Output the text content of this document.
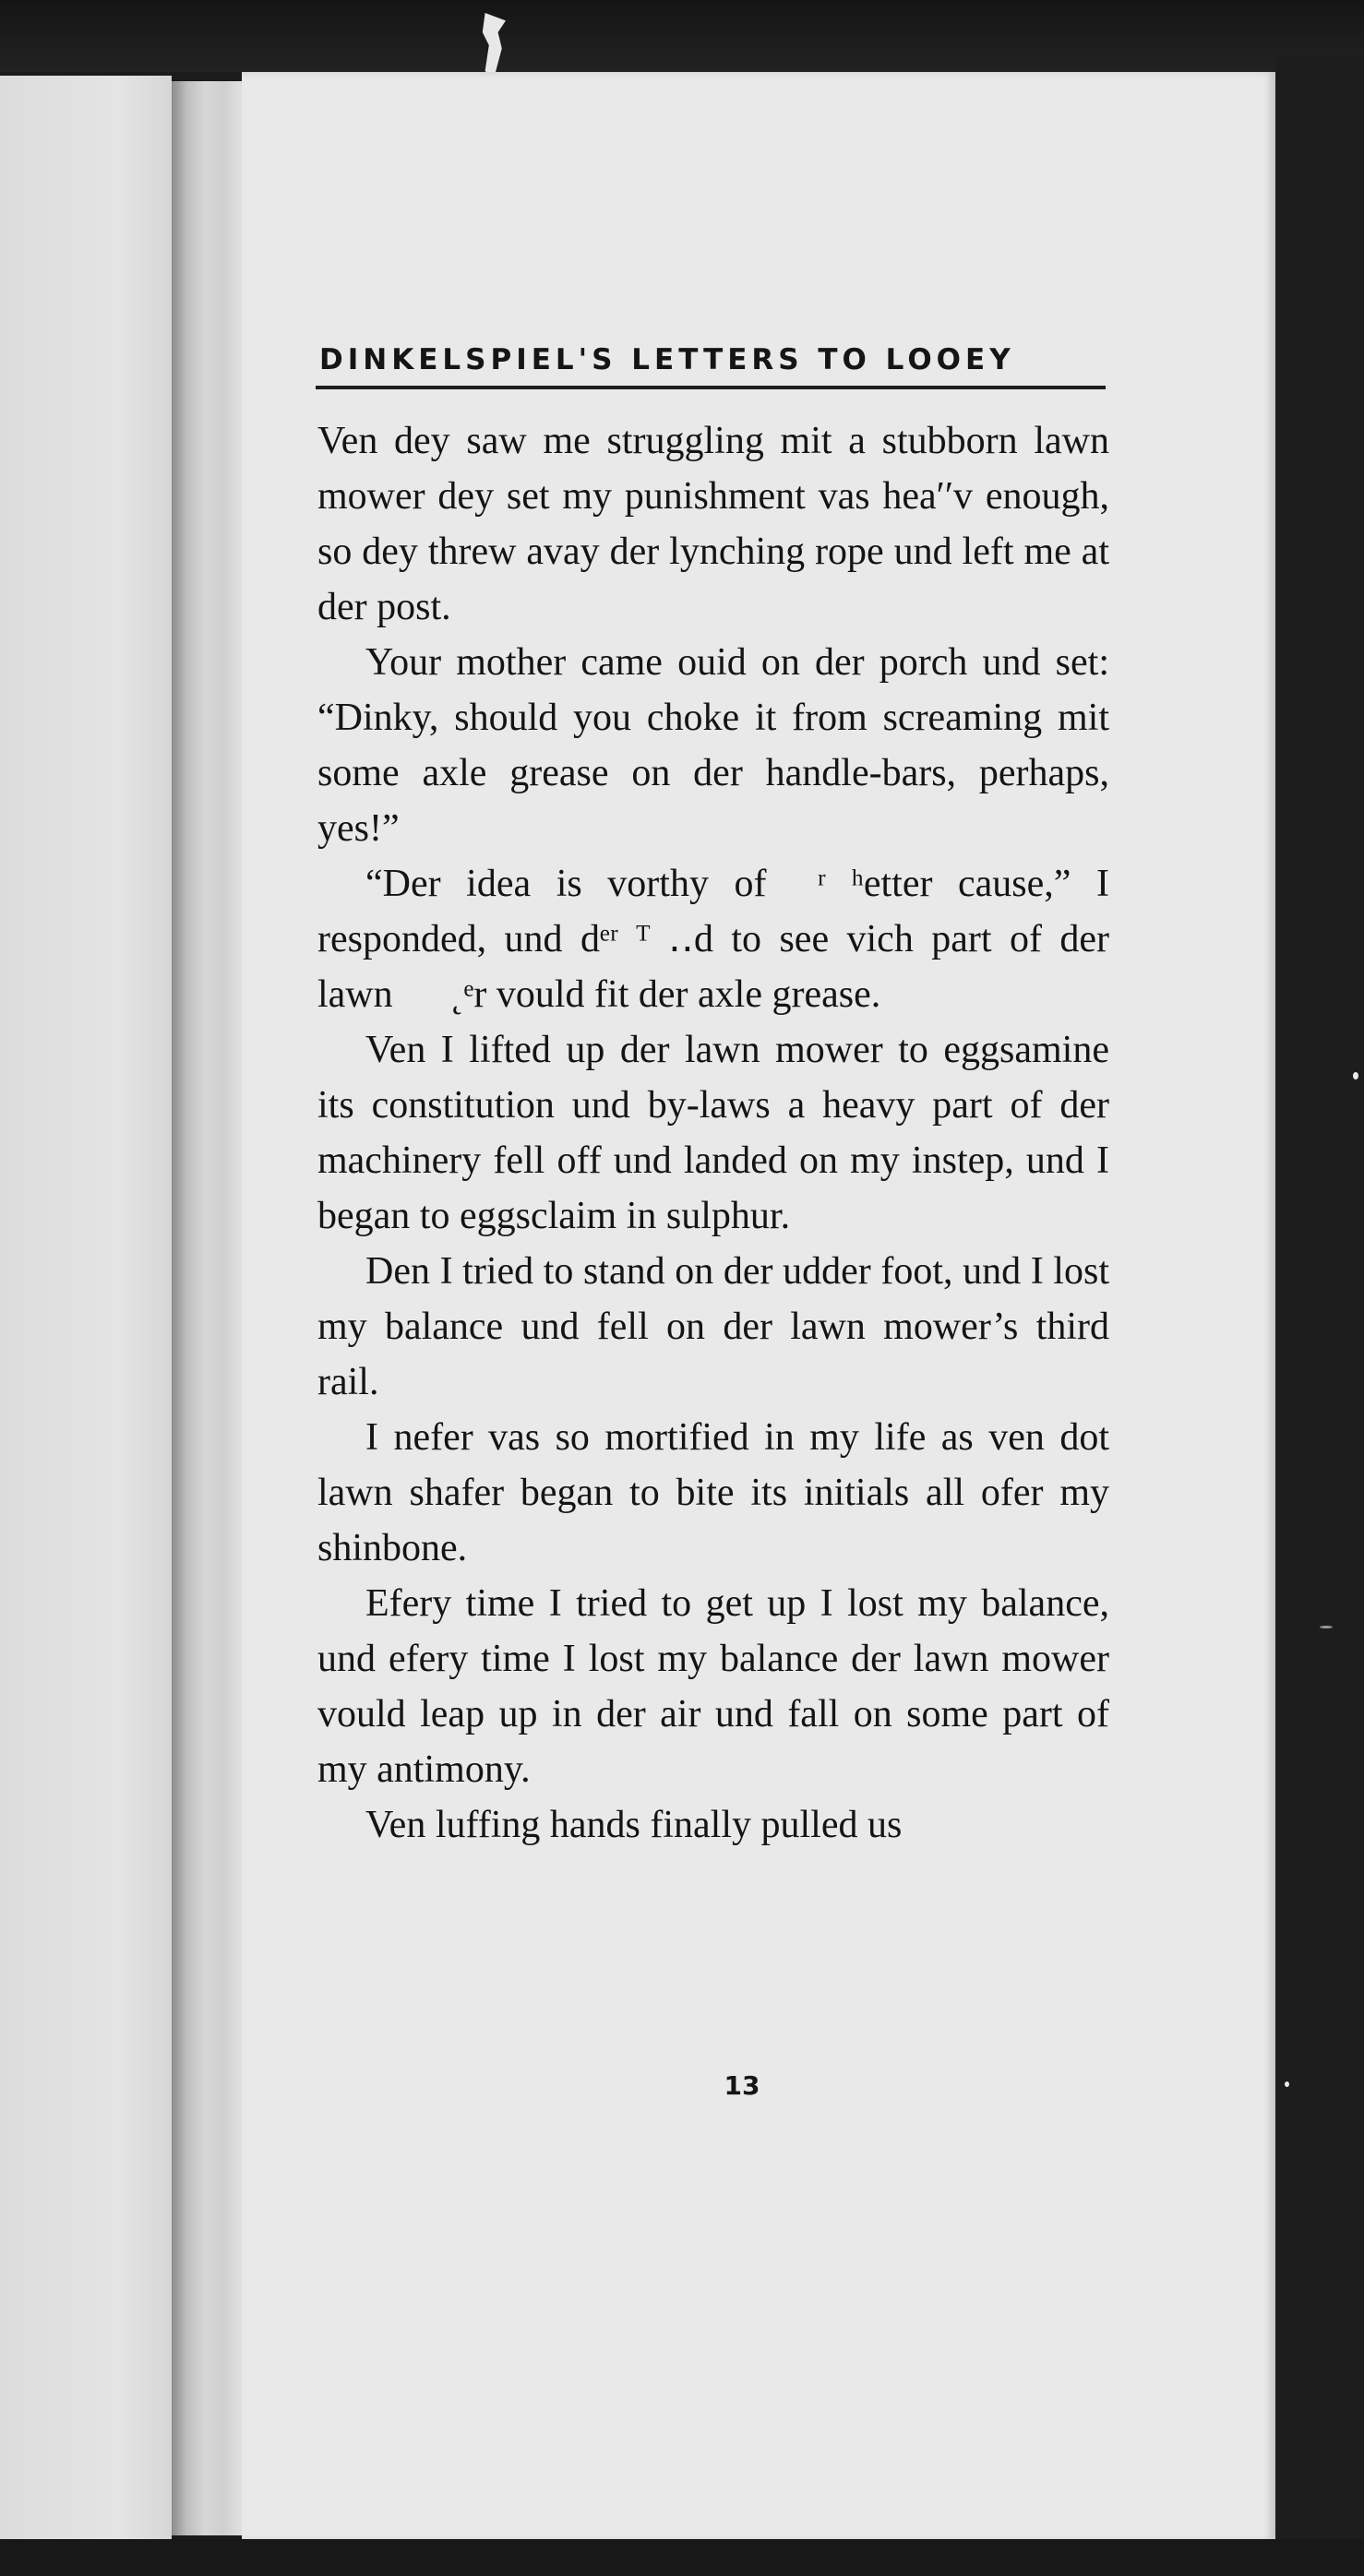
DINKELSPIEL'S LETTERS TO LOOEY

Ven dey saw me struggling mit a stubborn lawn mower dey set my punishment vas hea′′v enough, so dey threw avay der lynching rope und left me at der post.

Your mother came ouid on der porch und set: “Dinky, should you choke it from screaming mit some axle grease on der handle-bars, perhaps, yes!”

“Der idea is vorthy of  ʳ ʰetter cause,” I responded, und dᵉʳ ᵀ ‥d to see vich part of der lawn      ˛ᵉr vould fit der axle grease.

Ven I lifted up der lawn mower to eggsamine its constitution und by-laws a heavy part of der machinery fell off und landed on my instep, und I began to eggsclaim in sulphur.

Den I tried to stand on der udder foot, und I lost my balance und fell on der lawn mower’s third rail.

I nefer vas so mortified in my life as ven dot lawn shafer began to bite its initials all ofer my shinbone.

Efery time I tried to get up I lost my balance, und efery time I lost my balance der lawn mower vould leap up in der air und fall on some part of my antimony.

Ven luffing hands finally pulled us

13
